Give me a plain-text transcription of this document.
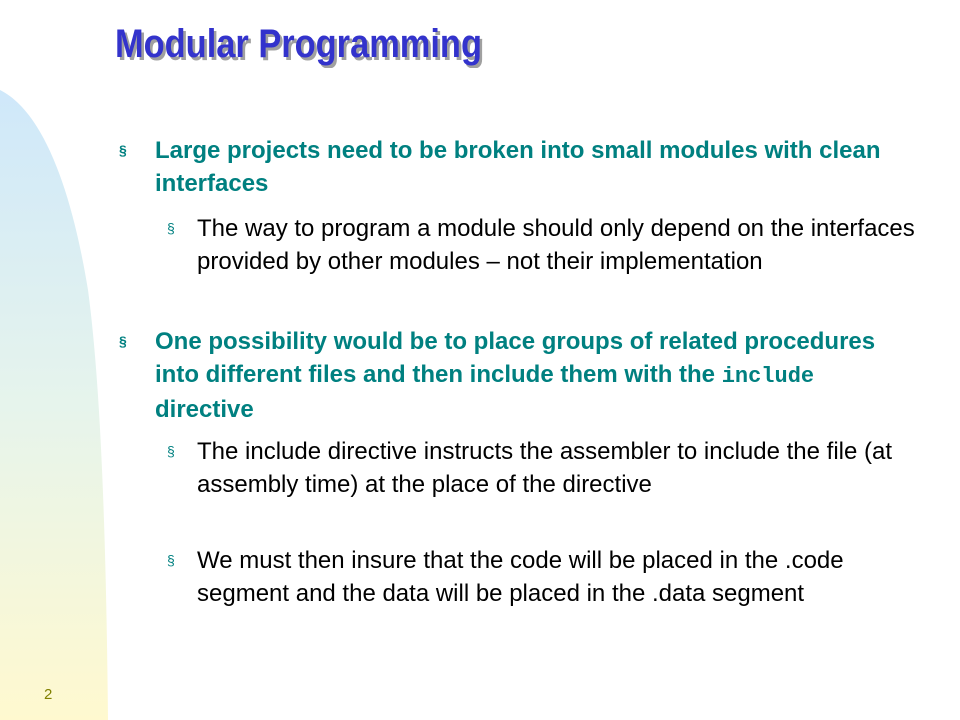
Modular Programming
§ Large projects need to be broken into small modules with clean interfaces
§ The way to program a module should only depend on the interfaces provided by other modules – not their implementation
§ One possibility would be to place groups of related procedures into different files and then include them with the include directive
§ The include directive instructs the assembler to include the file (at assembly time) at the place of the directive
§ We must then insure that the code will be placed in the .code segment and the data will be placed in the .data segment
2
